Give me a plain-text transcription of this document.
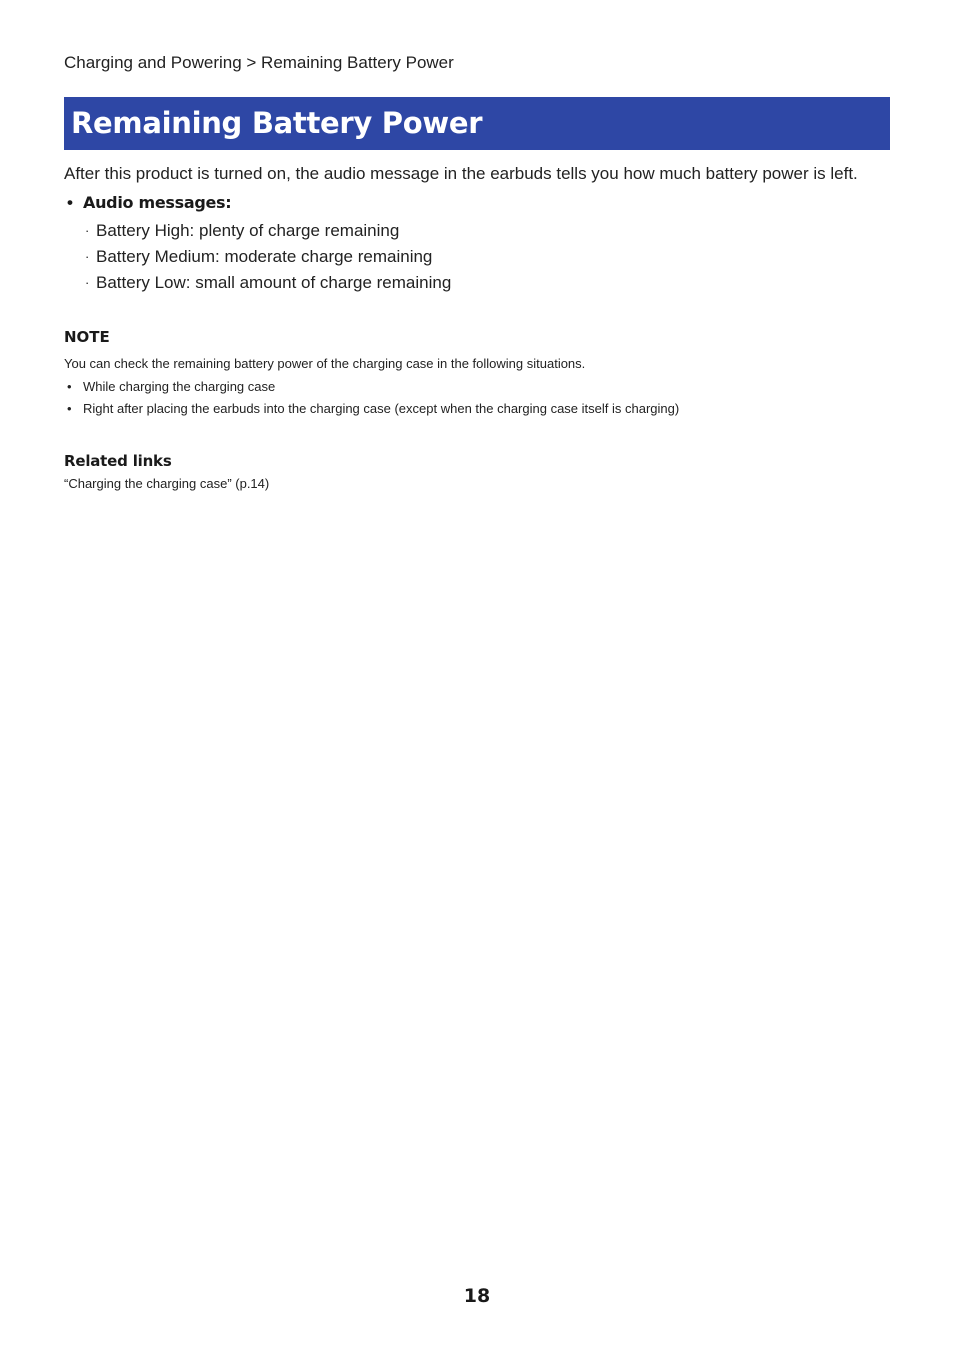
Charging and Powering > Remaining Battery Power
Remaining Battery Power
After this product is turned on, the audio message in the earbuds tells you how much battery power is left.
• Audio messages:
· Battery High: plenty of charge remaining
· Battery Medium: moderate charge remaining
· Battery Low: small amount of charge remaining
NOTE
You can check the remaining battery power of the charging case in the following situations.
• While charging the charging case
• Right after placing the earbuds into the charging case (except when the charging case itself is charging)
Related links
“Charging the charging case” (p.14)
18
